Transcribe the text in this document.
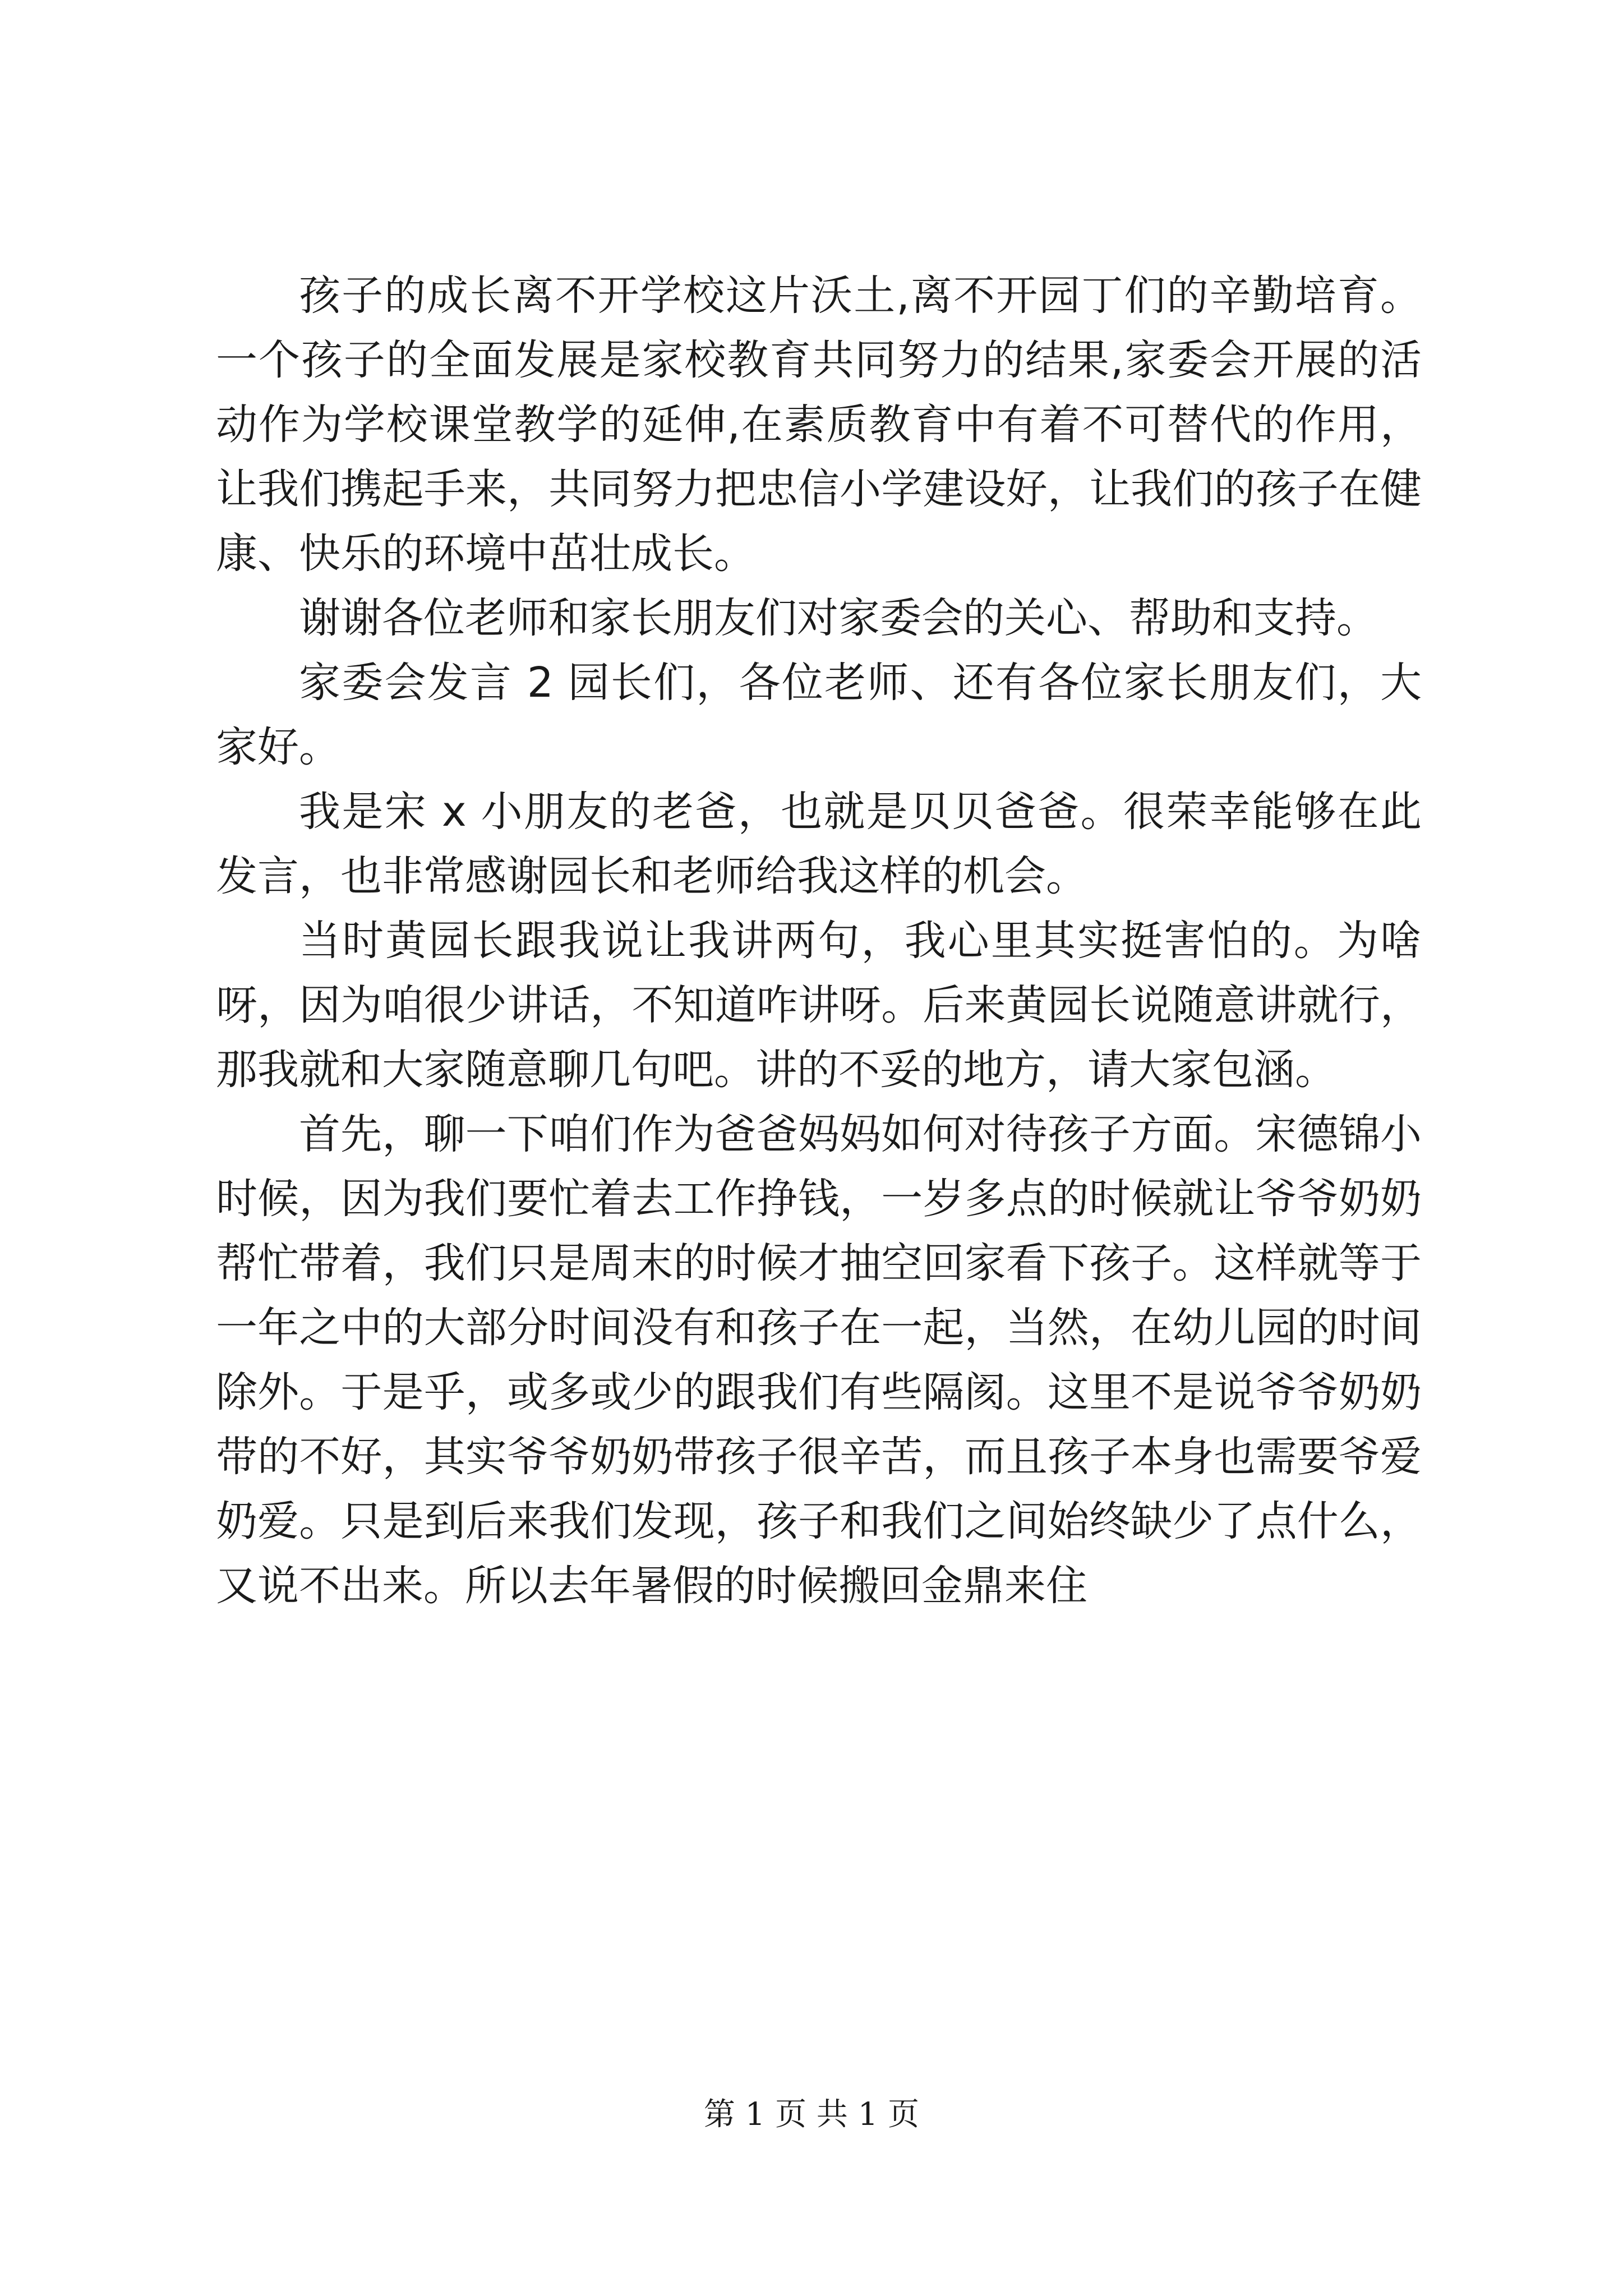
孩子的成长离不开学校这片沃土,离不开园丁们的辛勤培育。一个孩子的全面发展是家校教育共同努力的结果,家委会开展的活动作为学校课堂教学的延伸,在素质教育中有着不可替代的作用，让我们携起手来，共同努力把忠信小学建设好，让我们的孩子在健康、快乐的环境中茁壮成长。

谢谢各位老师和家长朋友们对家委会的关心、帮助和支持。

家委会发言 2 园长们，各位老师、还有各位家长朋友们，大家好。

我是宋 x 小朋友的老爸，也就是贝贝爸爸。很荣幸能够在此发言，也非常感谢园长和老师给我这样的机会。

当时黄园长跟我说让我讲两句，我心里其实挺害怕的。为啥呀，因为咱很少讲话，不知道咋讲呀。后来黄园长说随意讲就行，那我就和大家随意聊几句吧。讲的不妥的地方，请大家包涵。

首先，聊一下咱们作为爸爸妈妈如何对待孩子方面。宋德锦小时候，因为我们要忙着去工作挣钱，一岁多点的时候就让爷爷奶奶帮忙带着，我们只是周末的时候才抽空回家看下孩子。这样就等于一年之中的大部分时间没有和孩子在一起，当然，在幼儿园的时间除外。于是乎，或多或少的跟我们有些隔阂。这里不是说爷爷奶奶带的不好，其实爷爷奶奶带孩子很辛苦，而且孩子本身也需要爷爱奶爱。只是到后来我们发现，孩子和我们之间始终缺少了点什么，又说不出来。所以去年暑假的时候搬回金鼎来住

第 1 页 共 1 页
